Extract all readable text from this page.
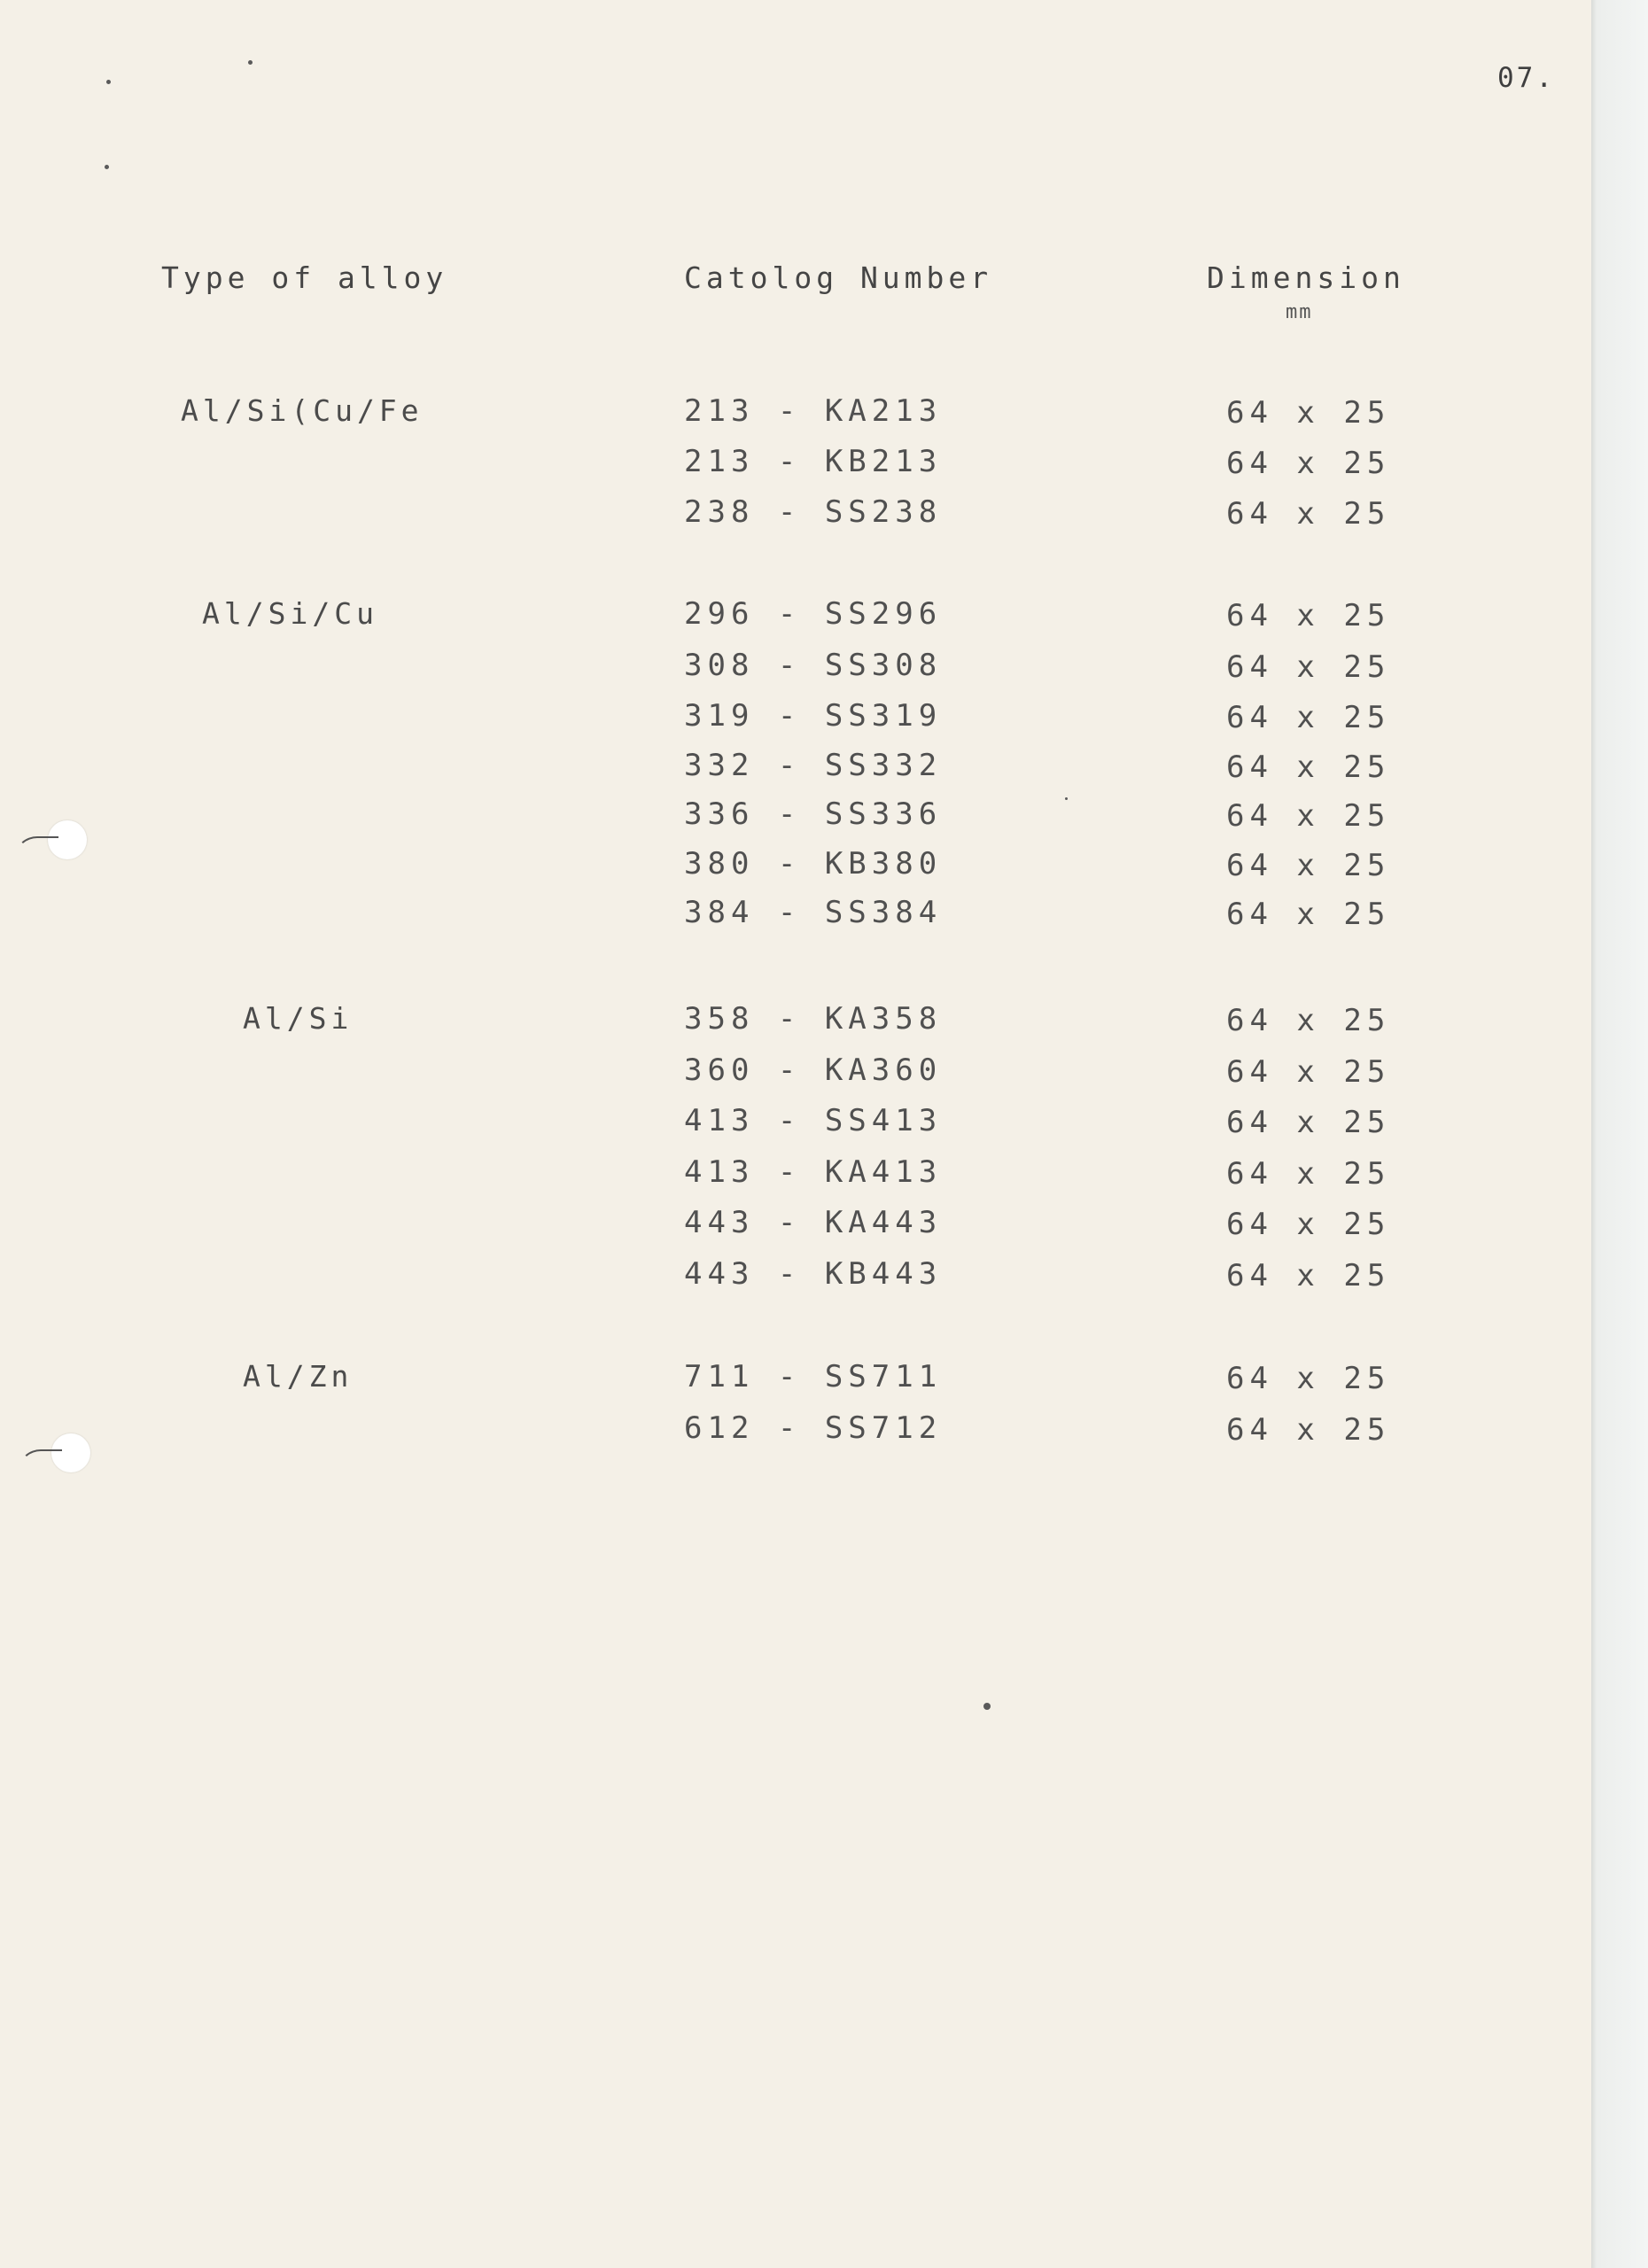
07.
Type of alloy	Catolog Number	Dimension
mm
Al/Si(Cu/Fe	213 - KA213	64 x 25
213 - KB213	64 x 25
238 - SS238	64 x 25
Al/Si/Cu	296 - SS296	64 x 25
308 - SS308	64 x 25
319 - SS319	64 x 25
332 - SS332	64 x 25
336 - SS336	64 x 25
380 - KB380	64 x 25
384 - SS384	64 x 25
Al/Si	358 - KA358	64 x 25
360 - KA360	64 x 25
413 - SS413	64 x 25
413 - KA413	64 x 25
443 - KA443	64 x 25
443 - KB443	64 x 25
Al/Zn	711 - SS711	64 x 25
612 - SS712	64 x 25
